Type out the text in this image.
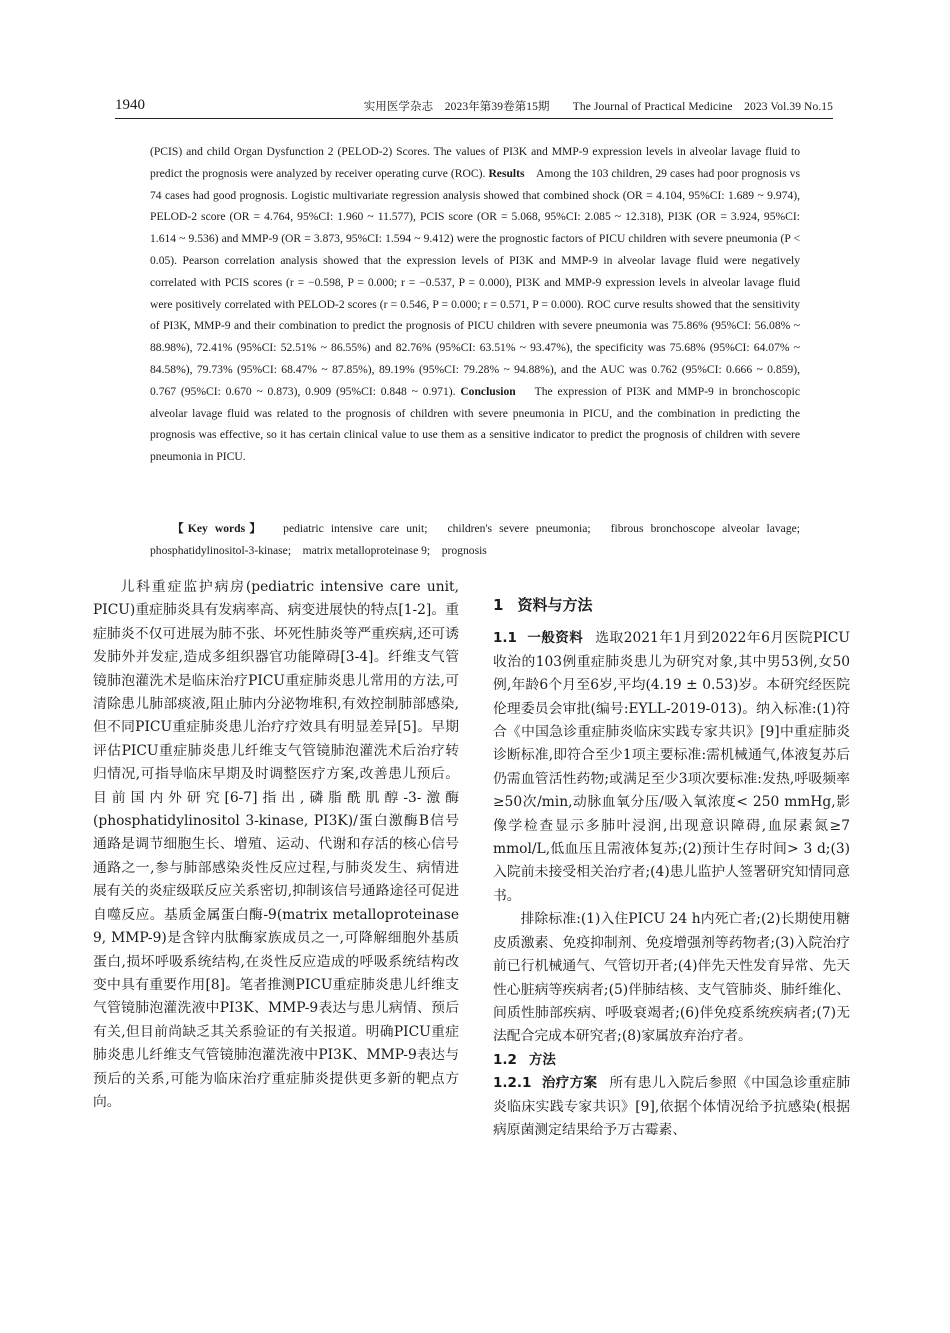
1940	实用医学杂志　2023年第39卷第15期　　The Journal of Practical Medicine　2023 Vol.39 No.15
(PCIS) and child Organ Dysfunction 2 (PELOD-2) Scores. The values of PI3K and MMP-9 expression levels in alveolar lavage fluid to predict the prognosis were analyzed by receiver operating curve (ROC). Results Among the 103 children, 29 cases had poor prognosis vs 74 cases had good prognosis. Logistic multivariate regression analysis showed that combined shock (OR = 4.104, 95%CI: 1.689 ~ 9.974), PELOD-2 score (OR = 4.764, 95%CI: 1.960 ~ 11.577), PCIS score (OR = 5.068, 95%CI: 2.085 ~ 12.318), PI3K (OR = 3.924, 95%CI: 1.614 ~ 9.536) and MMP-9 (OR = 3.873, 95%CI: 1.594 ~ 9.412) were the prognostic factors of PICU children with severe pneumonia (P < 0.05). Pearson correlation analysis showed that the expression levels of PI3K and MMP-9 in alveolar lavage fluid were negatively correlated with PCIS scores (r = −0.598, P = 0.000; r = −0.537, P = 0.000), PI3K and MMP-9 expression levels in alveolar lavage fluid were positively correlated with PELOD-2 scores (r = 0.546, P = 0.000; r = 0.571, P = 0.000). ROC curve results showed that the sensitivity of PI3K, MMP-9 and their combination to predict the prognosis of PICU children with severe pneumonia was 75.86% (95%CI: 56.08% ~ 88.98%), 72.41% (95%CI: 52.51% ~ 86.55%) and 82.76% (95%CI: 63.51% ~ 93.47%), the specificity was 75.68% (95%CI: 64.07% ~ 84.58%), 79.73% (95%CI: 68.47% ~ 87.85%), 89.19% (95%CI: 79.28% ~ 94.88%), and the AUC was 0.762 (95%CI: 0.666 ~ 0.859), 0.767 (95%CI: 0.670 ~ 0.873), 0.909 (95%CI: 0.848 ~ 0.971). Conclusion The expression of PI3K and MMP-9 in bronchoscopic alveolar lavage fluid was related to the prognosis of children with severe pneumonia in PICU, and the combination in predicting the prognosis was effective, so it has certain clinical value to use them as a sensitive indicator to predict the prognosis of children with severe pneumonia in PICU.
【Key words】 pediatric intensive care unit;　children's severe pneumonia;　fibrous bronchoscope alveolar lavage;　phosphatidylinositol-3-kinase;　matrix metalloproteinase 9;　prognosis

儿科重症监护病房(pediatric intensive care unit, PICU)重症肺炎具有发病率高、病变进展快的特点[1-2]。重症肺炎不仅可进展为肺不张、坏死性肺炎等严重疾病,还可诱发肺外并发症,造成多组织器官功能障碍[3-4]。纤维支气管镜肺泡灌洗术是临床治疗PICU重症肺炎患儿常用的方法,可清除患儿肺部痰液,阻止肺内分泌物堆积,有效控制肺部感染,但不同PICU重症肺炎患儿治疗疗效具有明显差异[5]。早期评估PICU重症肺炎患儿纤维支气管镜肺泡灌洗术后治疗转归情况,可指导临床早期及时调整医疗方案,改善患儿预后。目前国内外研究[6-7]指出,磷脂酰肌醇-3-激酶(phosphatidylinositol 3-kinase, PI3K)/蛋白激酶B信号通路是调节细胞生长、增殖、运动、代谢和存活的核心信号通路之一,参与肺部感染炎性反应过程,与肺炎发生、病情进展有关的炎症级联反应关系密切,抑制该信号通路途径可促进自噬反应。基质金属蛋白酶-9(matrix metalloproteinase 9, MMP-9)是含锌内肽酶家族成员之一,可降解细胞外基质蛋白,损坏呼吸系统结构,在炎性反应造成的呼吸系统结构改变中具有重要作用[8]。笔者推测PICU重症肺炎患儿纤维支气管镜肺泡灌洗液中PI3K、MMP-9表达与患儿病情、预后有关,但目前尚缺乏其关系验证的有关报道。明确PICU重症肺炎患儿纤维支气管镜肺泡灌洗液中PI3K、MMP-9表达与预后的关系,可能为临床治疗重症肺炎提供更多新的靶点方向。

1 资料与方法

1.1 一般资料 选取2021年1月到2022年6月医院PICU收治的103例重症肺炎患儿为研究对象,其中男53例,女50例,年龄6个月至6岁,平均(4.19 ± 0.53)岁。本研究经医院伦理委员会审批(编号:EYLL-2019-013)。纳入标准:(1)符合《中国急诊重症肺炎临床实践专家共识》[9]中重症肺炎诊断标准,即符合至少1项主要标准:需机械通气,体液复苏后仍需血管活性药物;或满足至少3项次要标准:发热,呼吸频率≥50次/min,动脉血氧分压/吸入氧浓度< 250 mmHg,影像学检查显示多肺叶浸润,出现意识障碍,血尿素氮≥7 mmol/L,低血压且需液体复苏;(2)预计生存时间> 3 d;(3)入院前未接受相关治疗者;(4)患儿监护人签署研究知情同意书。

排除标准:(1)入住PICU 24 h内死亡者;(2)长期使用糖皮质激素、免疫抑制剂、免疫增强剂等药物者;(3)入院治疗前已行机械通气、气管切开者;(4)伴先天性发育异常、先天性心脏病等疾病者;(5)伴肺结核、支气管肺炎、肺纤维化、间质性肺部疾病、呼吸衰竭者;(6)伴免疫系统疾病者;(7)无法配合完成本研究者;(8)家属放弃治疗者。

1.2 方法

1.2.1 治疗方案 所有患儿入院后参照《中国急诊重症肺炎临床实践专家共识》[9],依据个体情况给予抗感染(根据病原菌测定结果给予万古霉素、
